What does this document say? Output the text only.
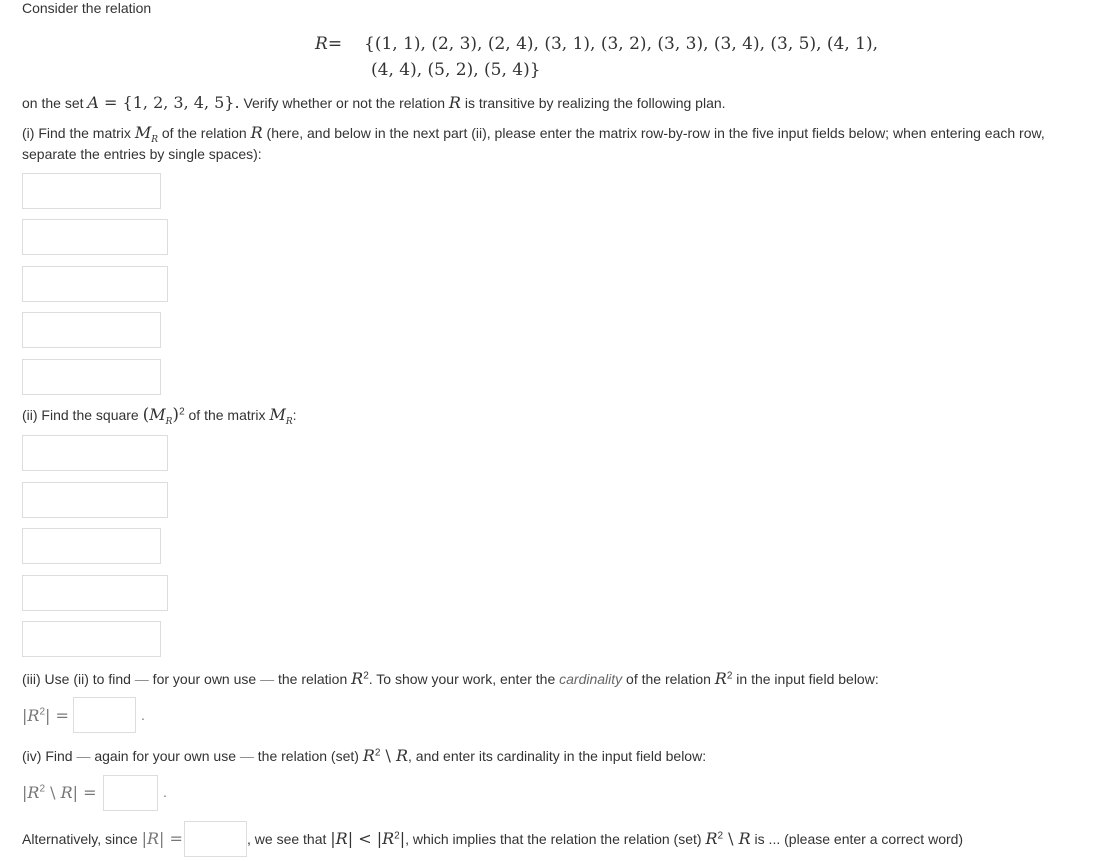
Consider the relation
R= {(1, 1), (2, 3), (2, 4), (3, 1), (3, 2), (3, 3), (3, 4), (3, 5), (4, 1),
(4, 4), (5, 2), (5, 4)}
on the set A = {1, 2, 3, 4, 5}. Verify whether or not the relation R is transitive by realizing the following plan.
(i) Find the matrix $M_R$ of the relation R (here, and below in the next part (ii), please enter the matrix row-by-row in the five input fields below; when entering each row,
separate the entries by single spaces):
(ii) Find the square $(M_R)^2$ of the matrix $M_R$:
(iii) Use (ii) to find — for your own use — the relation $R^2$. To show your work, enter the cardinality of the relation $R^2$ in the input field below:
$|R^2|$ =	.
(iv) Find — again for your own use — the relation (set) $R^2$ \ R, and enter its cardinality in the input field below:
$|R^2$ \ R| =	.
Alternatively, since |R| =	, we see that $|R| < |R^2|$, which implies that the relation the relation (set) $R^2$ \ R is ... (please enter a correct word)
